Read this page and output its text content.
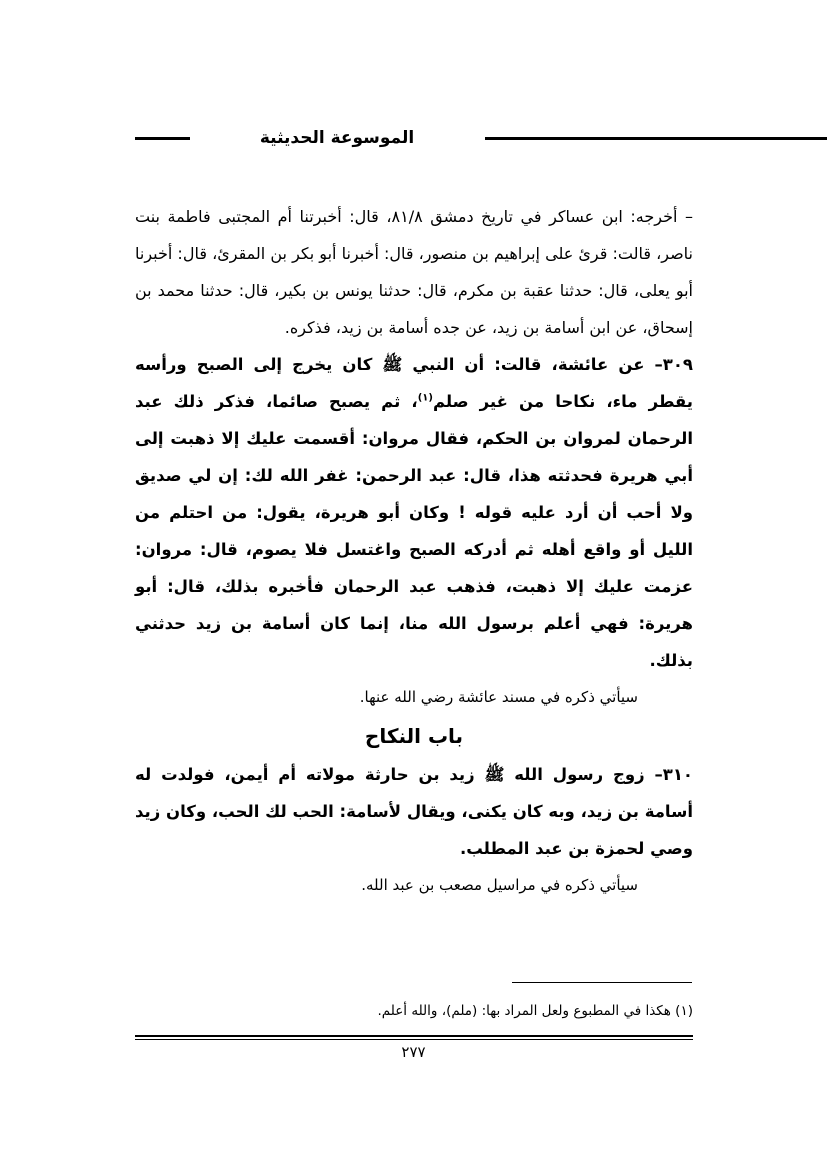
الموسوعة الحديثية

– أخرجه: ابن عساكر في تاريخ دمشق ٨١/٨، قال: أخبرتنا أم المجتبى فاطمة بنت ناصر، قالت: قرئ على إبراهيم بن منصور، قال: أخبرنا أبو بكر بن المقرئ، قال: أخبرنا أبو يعلى، قال: حدثنا عقبة بن مكرم، قال: حدثنا يونس بن بكير، قال: حدثنا محمد بن إسحاق، عن ابن أسامة بن زيد، عن جده أسامة بن زيد، فذكره.

٣٠٩– عن عائشة، قالت: أن النبي ﷺ كان يخرج إلى الصبح ورأسه يقطر ماء، نكاحا من غير صلم$^{(١)}$، ثم يصبح صائما، فذكر ذلك عبد الرحمان لمروان بن الحكم، فقال مروان: أقسمت عليك إلا ذهبت إلى أبي هريرة فحدثته هذا، قال: عبد الرحمن: غفر الله لك: إن لي صديق ولا أحب أن أرد عليه قوله ! وكان أبو هريرة، يقول: من احتلم من الليل أو واقع أهله ثم أدركه الصبح واغتسل فلا يصوم، قال: مروان: عزمت عليك إلا ذهبت، فذهب عبد الرحمان فأخبره بذلك، قال: أبو هريرة: فهي أعلم برسول الله منا، إنما كان أسامة بن زيد حدثني بذلك.

سيأتي ذكره في مسند عائشة رضي الله عنها.

باب النكاح

٣١٠– زوج رسول الله ﷺ زيد بن حارثة مولاته أم أيمن، فولدت له أسامة بن زيد، وبه كان يكنى، ويقال لأسامة: الحب لك الحب، وكان زيد وصي لحمزة بن عبد المطلب.

سيأتي ذكره في مراسيل مصعب بن عبد الله.

(١) هكذا في المطبوع ولعل المراد بها: (ملم)، والله أعلم.
٢٧٧
